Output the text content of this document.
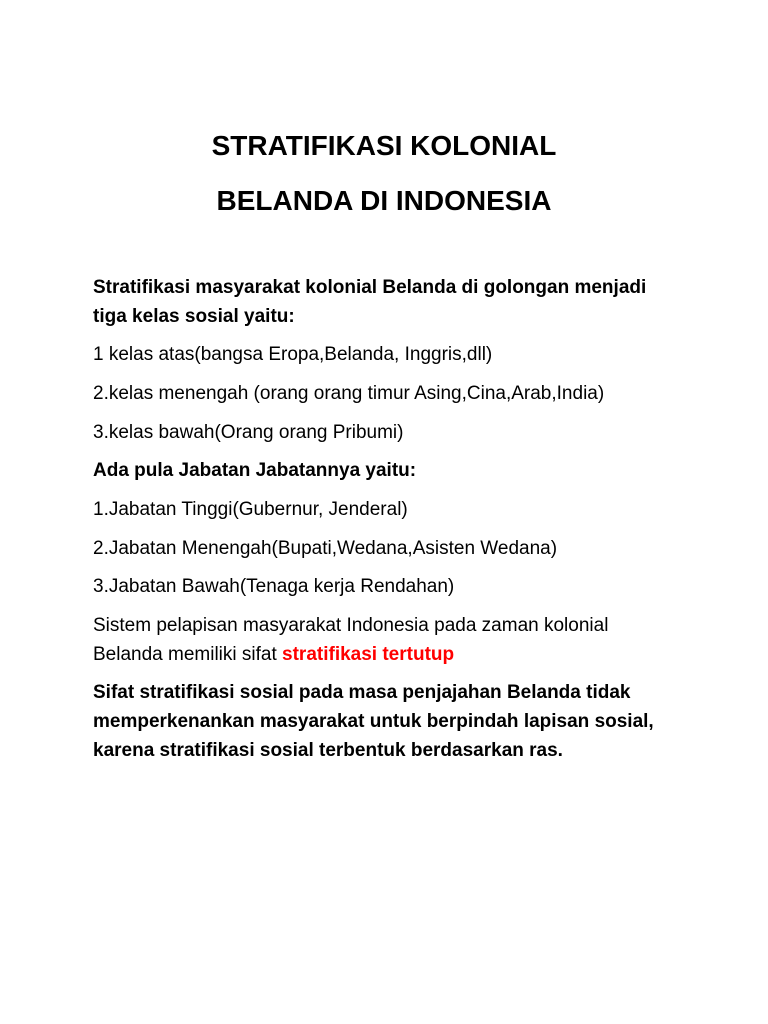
STRATIFIKASI KOLONIAL
BELANDA DI INDONESIA
Stratifikasi masyarakat kolonial Belanda di golongan menjadi tiga kelas sosial yaitu:
1 kelas atas(bangsa Eropa,Belanda, Inggris,dll)
2.kelas menengah (orang orang timur Asing,Cina,Arab,India)
3.kelas bawah(Orang orang Pribumi)
Ada pula Jabatan Jabatannya yaitu:
1.Jabatan Tinggi(Gubernur, Jenderal)
2.Jabatan Menengah(Bupati,Wedana,Asisten Wedana)
3.Jabatan Bawah(Tenaga kerja Rendahan)
Sistem pelapisan masyarakat Indonesia pada zaman kolonial Belanda memiliki sifat stratifikasi tertutup
Sifat stratifikasi sosial pada masa penjajahan Belanda tidak memperkenankan masyarakat untuk berpindah lapisan sosial, karena stratifikasi sosial terbentuk berdasarkan ras.
